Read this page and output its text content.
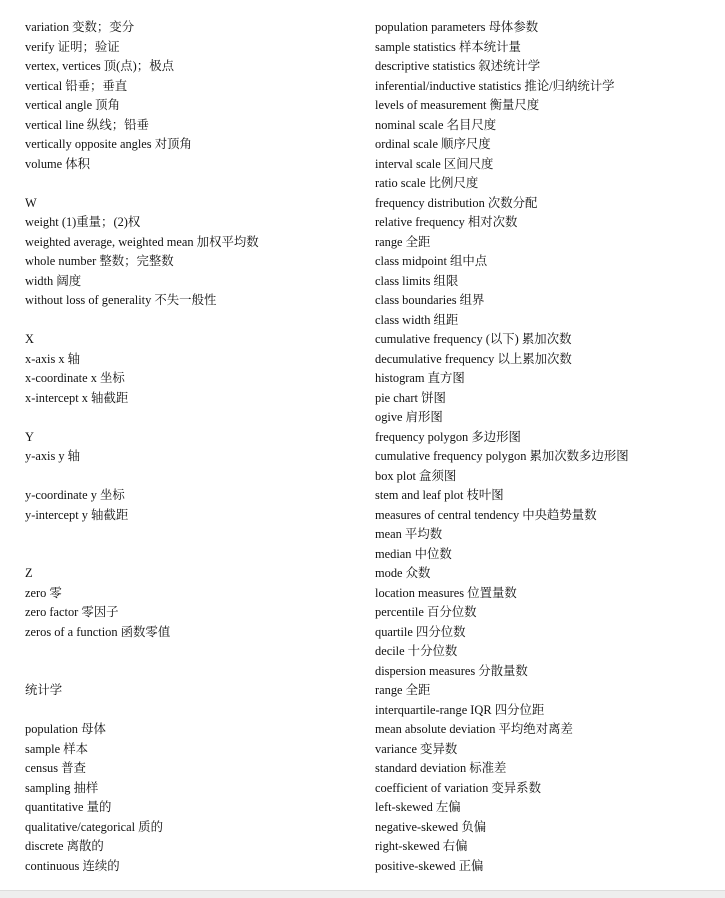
variation 变数；变分
verify 证明；验证
vertex, vertices 顶(点)；极点
vertical 铅垂；垂直
vertical angle 顶角
vertical line 纵线；铅垂
vertically opposite angles 对顶角
volume 体积
W
weight (1)重量；(2)权
weighted average, weighted mean 加权平均数
whole number 整数；完整数
width 阔度
without loss of generality 不失一般性
X
x-axis x 轴
x-coordinate x 坐标
x-intercept x 轴截距
Y
y-axis y 轴
y-coordinate y 坐标
y-intercept y 轴截距
Z
zero 零
zero factor 零因子
zeros of a function 函数零值
统计学
population 母体
sample 样本
census 普查
sampling 抽样
quantitative 量的
qualitative/categorical 质的
discrete 离散的
continuous 连续的
population parameters 母体参数
sample statistics 样本统计量
descriptive statistics 叙述统计学
inferential/inductive statistics 推论/归纳统计学
levels of measurement 衡量尺度
nominal scale 名目尺度
ordinal scale 顺序尺度
interval scale 区间尺度
ratio scale 比例尺度
frequency distribution 次数分配
relative frequency 相对次数
range 全距
class midpoint 组中点
class limits 组限
class boundaries 组界
class width 组距
cumulative frequency (以下) 累加次数
decumulative frequency 以上累加次数
histogram 直方图
pie chart 饼图
ogive 肩形图
frequency polygon 多边形图
cumulative frequency polygon 累加次数多边形图
box plot 盒须图
stem and leaf plot 枝叶图
measures of central tendency 中央趋势量数
mean 平均数
median 中位数
mode 众数
location measures 位置量数
percentile 百分位数
quartile 四分位数
decile 十分位数
dispersion measures 分散量数
range 全距
interquartile-range IQR 四分位距
mean absolute deviation 平均绝对离差
variance 变异数
standard deviation 标准差
coefficient of variation 变异系数
left-skewed 左偏
negative-skewed 负偏
right-skewed 右偏
positive-skewed 正偏
